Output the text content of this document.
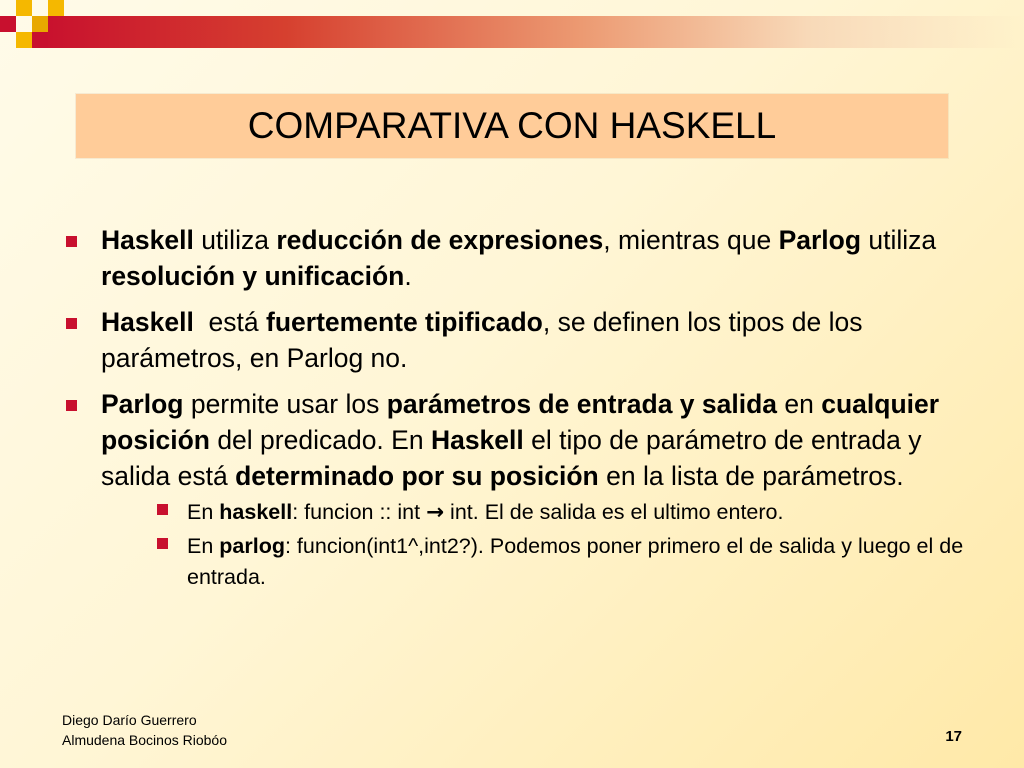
COMPARATIVA CON HASKELL
Haskell utiliza reducción de expresiones, mientras que Parlog utiliza resolución y unificación.
Haskell  está fuertemente tipificado, se definen los tipos de los parámetros, en Parlog no.
Parlog permite usar los parámetros de entrada y salida en cualquier posición del predicado. En Haskell el tipo de parámetro de entrada y salida está determinado por su posición en la lista de parámetros.
En haskell: funcion :: int → int. El de salida es el ultimo entero.
En parlog: funcion(int1^,int2?). Podemos poner primero el de salida y luego el de entrada.
Diego Darío Guerrero
Almudena Bocinos Riobóo	17
